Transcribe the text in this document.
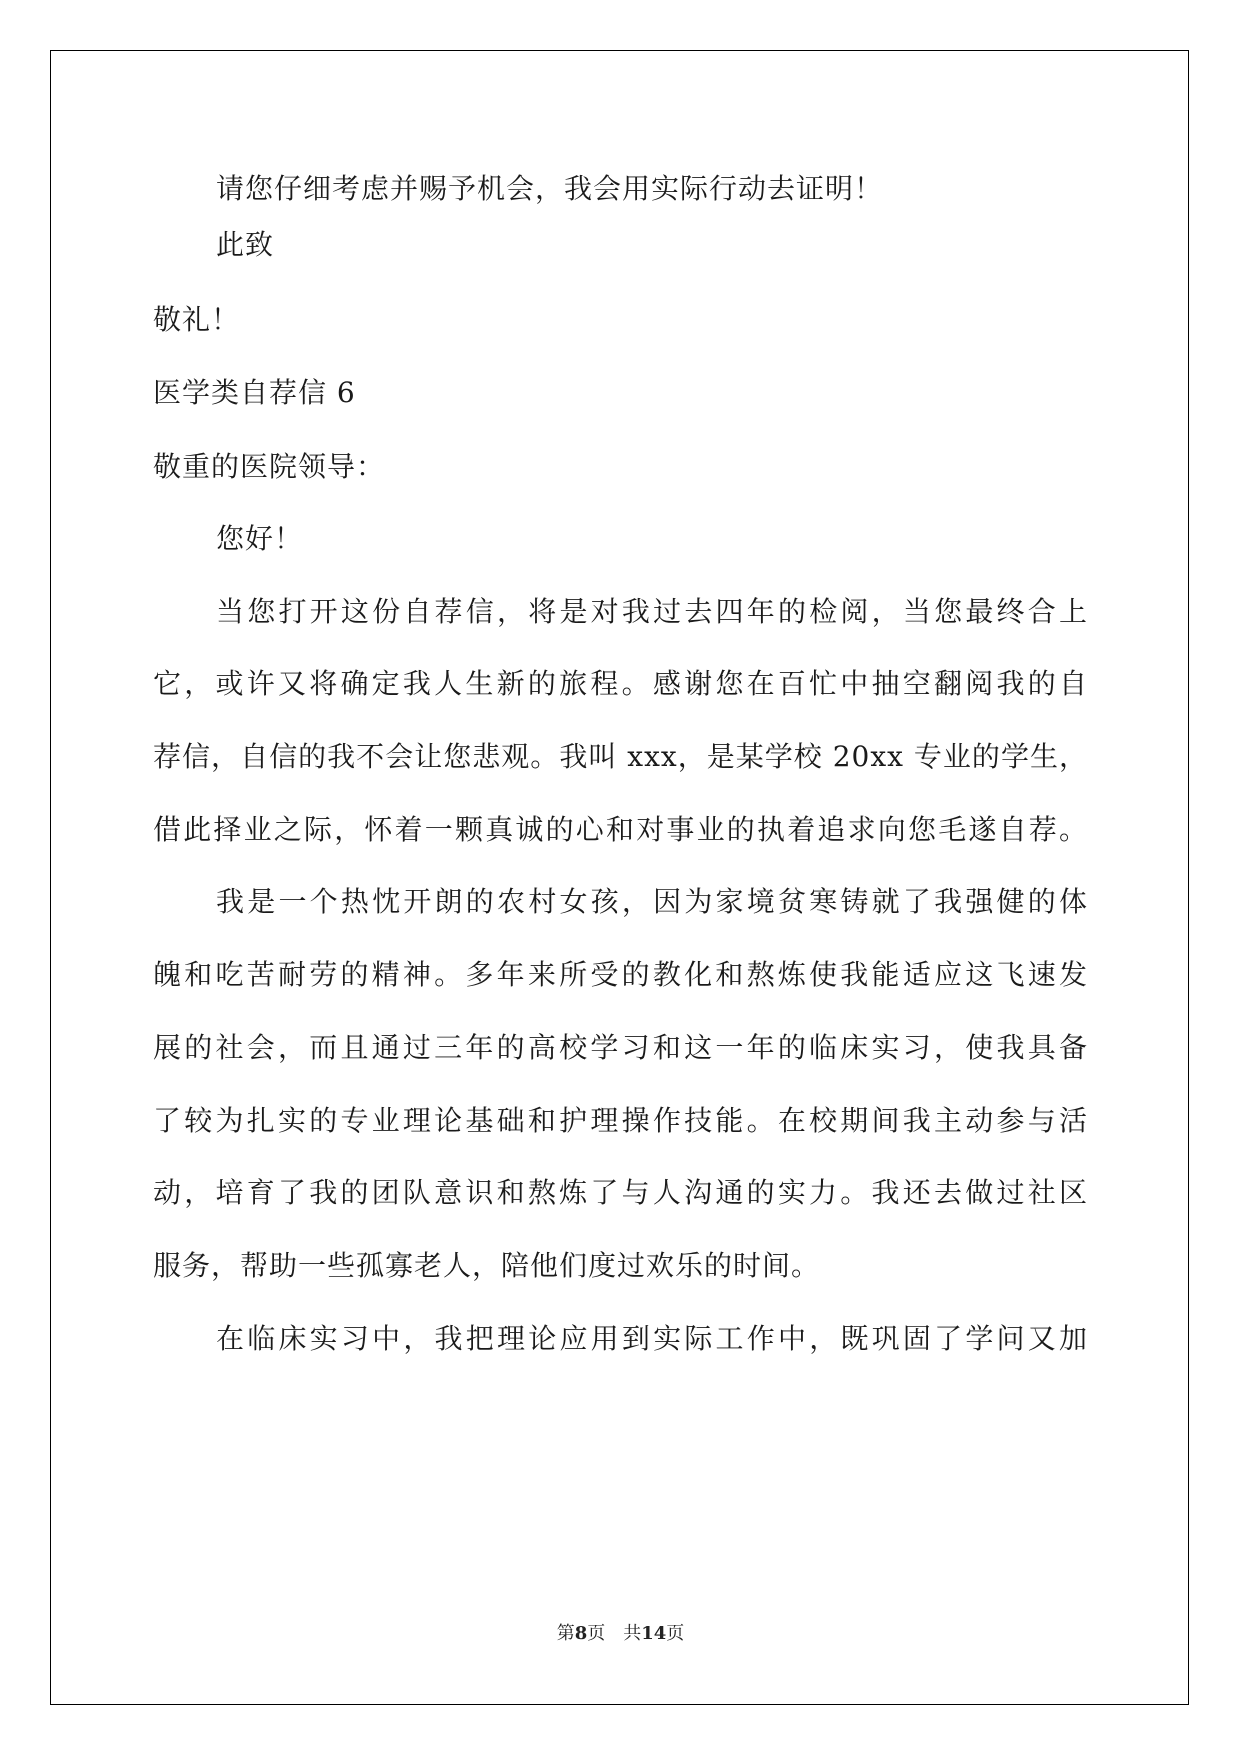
请您仔细考虑并赐予机会，我会用实际行动去证明！

此致

敬礼！

医学类自荐信 6

敬重的医院领导：

您好！

当您打开这份自荐信，将是对我过去四年的检阅，当您最终合上

它，或许又将确定我人生新的旅程。感谢您在百忙中抽空翻阅我的自

荐信，自信的我不会让您悲观。我叫 xxx，是某学校 20xx 专业的学生，

借此择业之际，怀着一颗真诚的心和对事业的执着追求向您毛遂自荐。

我是一个热忱开朗的农村女孩，因为家境贫寒铸就了我强健的体

魄和吃苦耐劳的精神。多年来所受的教化和熬炼使我能适应这飞速发

展的社会，而且通过三年的高校学习和这一年的临床实习，使我具备

了较为扎实的专业理论基础和护理操作技能。在校期间我主动参与活

动，培育了我的团队意识和熬炼了与人沟通的实力。我还去做过社区

服务，帮助一些孤寡老人，陪他们度过欢乐的时间。

在临床实习中，我把理论应用到实际工作中，既巩固了学问又加

第8页　共14页
